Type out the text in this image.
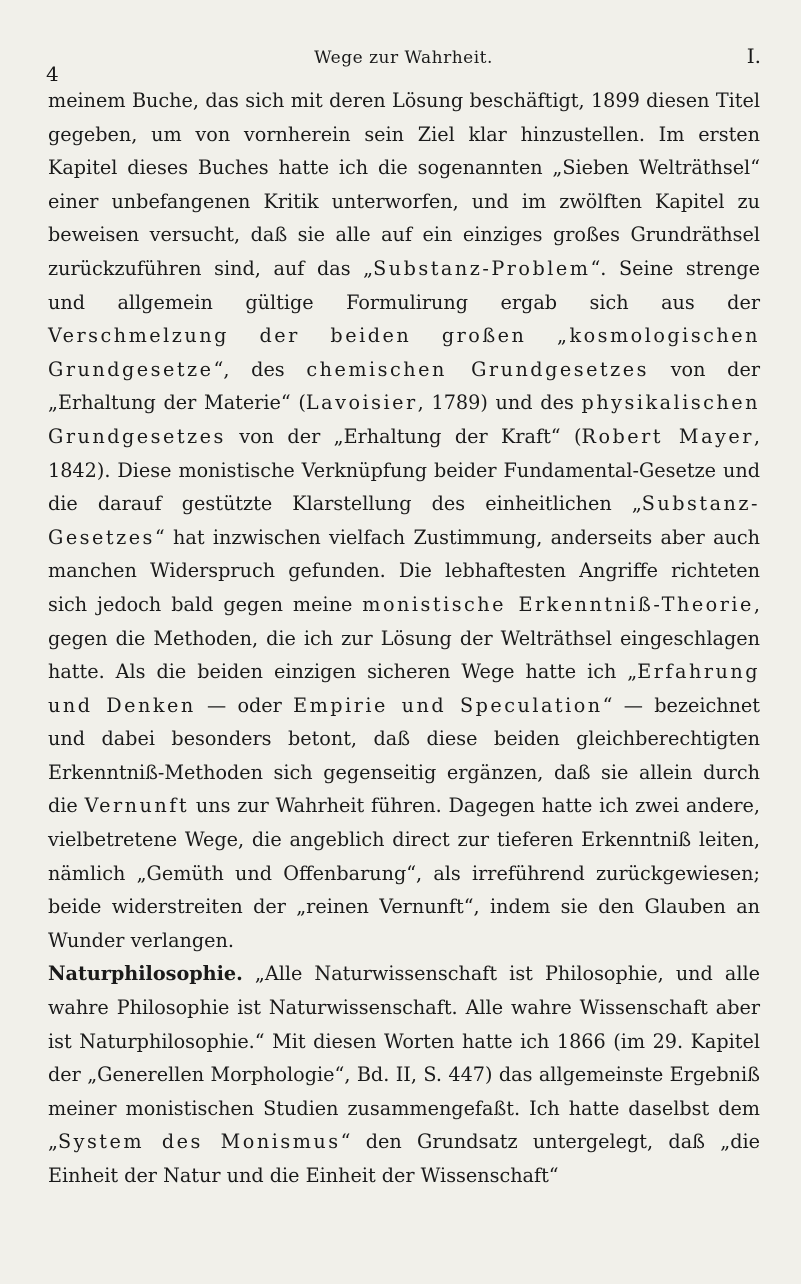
4
Wege zur Wahrheit.	I.

meinem Buche, das sich mit deren Lösung beschäftigt, 1899 diesen Titel gegeben, um von vornherein sein Ziel klar hinzustellen. Im ersten Kapitel dieses Buches hatte ich die sogenannten „Sieben Welträthsel“ einer unbefangenen Kritik unterworfen, und im zwölften Kapitel zu beweisen versucht, daß sie alle auf ein einziges großes Grundräthsel zurückzuführen sind, auf das „Substanz-Problem“. Seine strenge und allgemein gültige Formulirung ergab sich aus der Verschmelzung der beiden großen „kosmologischen Grundgesetze“, des chemischen Grundgesetzes von der „Erhaltung der Materie“ (Lavoisier, 1789) und des physikalischen Grundgesetzes von der „Erhaltung der Kraft“ (Robert Mayer, 1842). Diese monistische Verknüpfung beider Fundamental-Gesetze und die darauf gestützte Klarstellung des einheitlichen „Substanz-Gesetzes“ hat inzwischen vielfach Zustimmung, anderseits aber auch manchen Widerspruch gefunden. Die lebhaftesten Angriffe richteten sich jedoch bald gegen meine monistische Erkenntniß-Theorie, gegen die Methoden, die ich zur Lösung der Welträthsel eingeschlagen hatte. Als die beiden einzigen sicheren Wege hatte ich „Erfahrung und Denken — oder Empirie und Speculation“ — bezeichnet und dabei besonders betont, daß diese beiden gleichberechtigten Erkenntniß-Methoden sich gegenseitig ergänzen, daß sie allein durch die Vernunft uns zur Wahrheit führen. Dagegen hatte ich zwei andere, vielbetretene Wege, die angeblich direct zur tieferen Erkenntniß leiten, nämlich „Gemüth und Offenbarung“, als irreführend zurückgewiesen; beide widerstreiten der „reinen Vernunft“, indem sie den Glauben an Wunder verlangen.

Naturphilosophie. „Alle Naturwissenschaft ist Philosophie, und alle wahre Philosophie ist Naturwissenschaft. Alle wahre Wissenschaft aber ist Naturphilosophie.“ Mit diesen Worten hatte ich 1866 (im 29. Kapitel der „Generellen Morphologie“, Bd. II, S. 447) das allgemeinste Ergebniß meiner monistischen Studien zusammengefaßt. Ich hatte daselbst dem „System des Monismus“ den Grundsatz untergelegt, daß „die Einheit der Natur und die Einheit der Wissenschaft“
